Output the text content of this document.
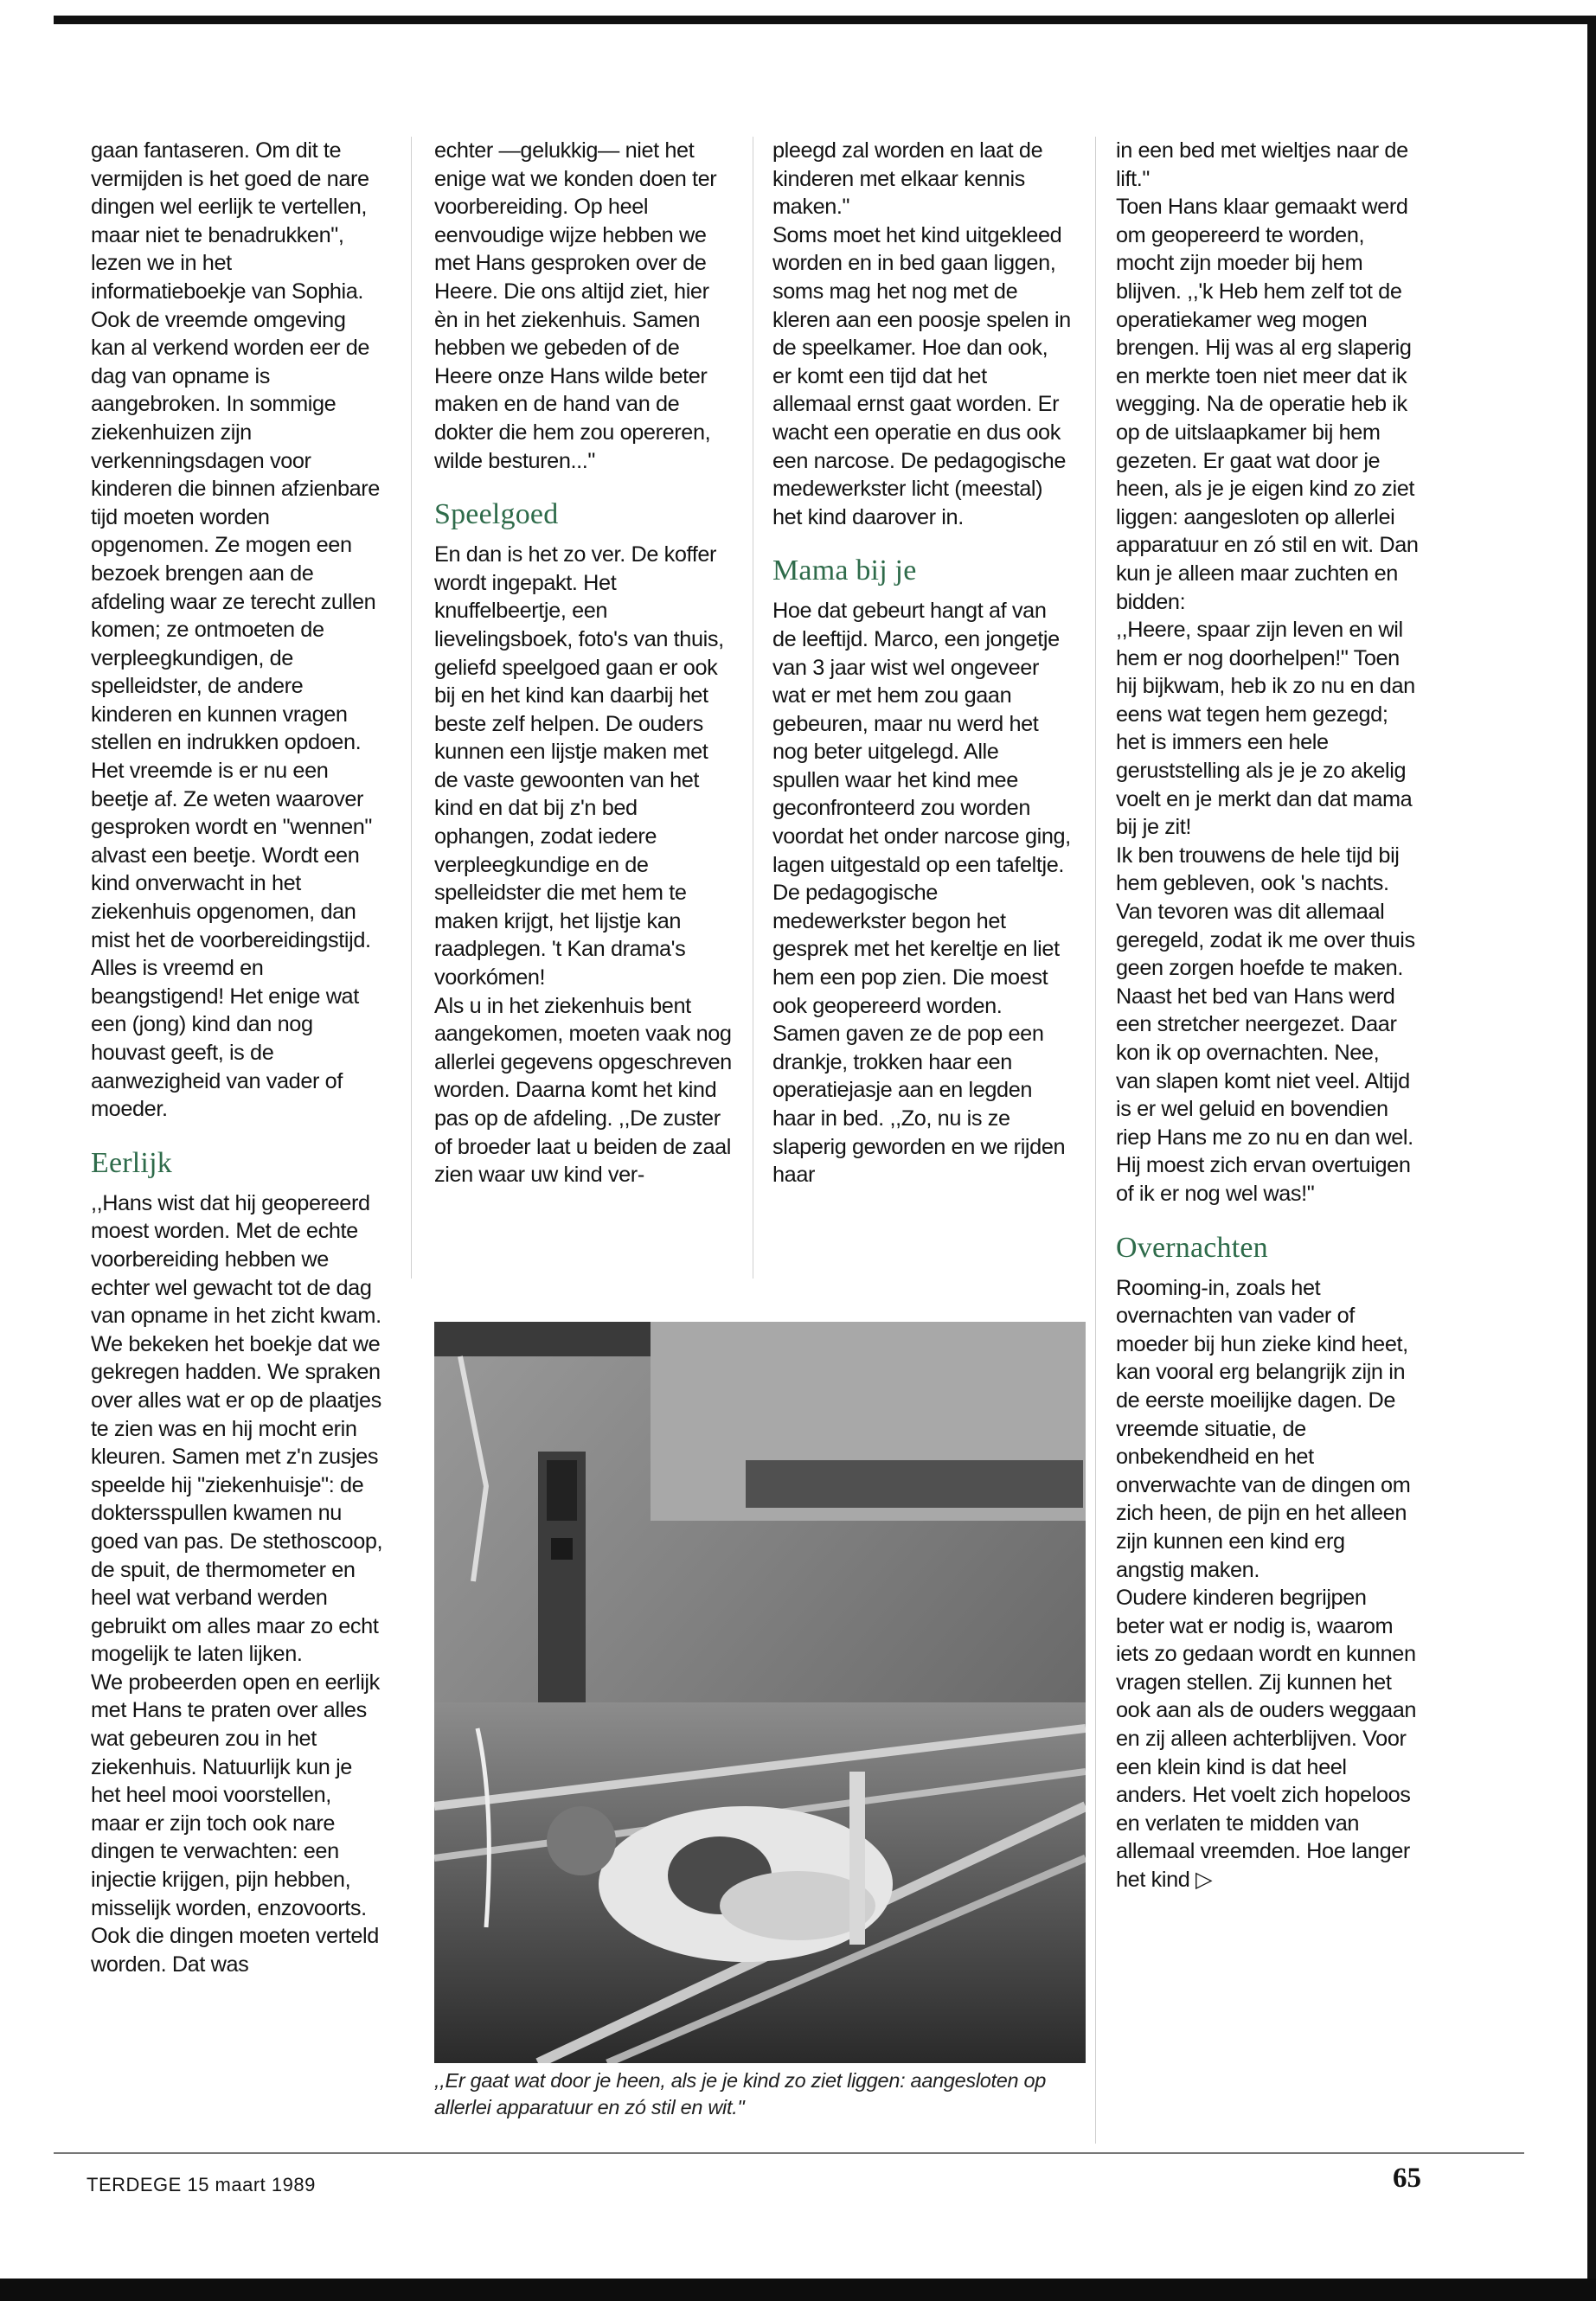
gaan fantaseren. Om dit te vermijden is het goed de nare dingen wel eerlijk te vertellen, maar niet te benadrukken", lezen we in het informatieboekje van Sophia.

Ook de vreemde omgeving kan al verkend worden eer de dag van opname is aangebroken. In sommige ziekenhuizen zijn verkenningsdagen voor kinderen die binnen afzienbare tijd moeten worden opgenomen. Ze mogen een bezoek brengen aan de afdeling waar ze terecht zullen komen; ze ontmoeten de verpleegkundigen, de spelleidster, de andere kinderen en kunnen vragen stellen en indrukken opdoen. Het vreemde is er nu een beetje af. Ze weten waarover gesproken wordt en "wennen" alvast een beetje. Wordt een kind onverwacht in het ziekenhuis opgenomen, dan mist het de voorbereidingstijd. Alles is vreemd en beangstigend! Het enige wat een (jong) kind dan nog houvast geeft, is de aanwezigheid van vader of moeder.

Eerlijk

,,Hans wist dat hij geopereerd moest worden. Met de echte voorbereiding hebben we echter wel gewacht tot de dag van opname in het zicht kwam. We bekeken het boekje dat we gekregen hadden. We spraken over alles wat er op de plaatjes te zien was en hij mocht erin kleuren. Samen met z'n zusjes speelde hij "ziekenhuisje": de doktersspullen kwamen nu goed van pas. De stethoscoop, de spuit, de thermometer en heel wat verband werden gebruikt om alles maar zo echt mogelijk te laten lijken.

We probeerden open en eerlijk met Hans te praten over alles wat gebeuren zou in het ziekenhuis. Natuurlijk kun je het heel mooi voorstellen, maar er zijn toch ook nare dingen te verwachten: een injectie krijgen, pijn hebben, misselijk worden, enzovoorts. Ook die dingen moeten verteld worden. Dat was

echter —gelukkig— niet het enige wat we konden doen ter voorbereiding. Op heel eenvoudige wijze hebben we met Hans gesproken over de Heere. Die ons altijd ziet, hier èn in het ziekenhuis. Samen hebben we gebeden of de Heere onze Hans wilde beter maken en de hand van de dokter die hem zou opereren, wilde besturen..."

Speelgoed

En dan is het zo ver. De koffer wordt ingepakt. Het knuffelbeertje, een lievelingsboek, foto's van thuis, geliefd speelgoed gaan er ook bij en het kind kan daarbij het beste zelf helpen. De ouders kunnen een lijstje maken met de vaste gewoonten van het kind en dat bij z'n bed ophangen, zodat iedere verpleegkundige en de spelleidster die met hem te maken krijgt, het lijstje kan raadplegen. 't Kan drama's voorkómen!

Als u in het ziekenhuis bent aangekomen, moeten vaak nog allerlei gegevens opgeschreven worden. Daarna komt het kind pas op de afdeling. ,,De zuster of broeder laat u beiden de zaal zien waar uw kind ver-

pleegd zal worden en laat de kinderen met elkaar kennis maken."

Soms moet het kind uitgekleed worden en in bed gaan liggen, soms mag het nog met de kleren aan een poosje spelen in de speelkamer. Hoe dan ook, er komt een tijd dat het allemaal ernst gaat worden. Er wacht een operatie en dus ook een narcose. De pedagogische medewerkster licht (meestal) het kind daarover in.

Mama bij je

Hoe dat gebeurt hangt af van de leeftijd. Marco, een jongetje van 3 jaar wist wel ongeveer wat er met hem zou gaan gebeuren, maar nu werd het nog beter uitgelegd. Alle spullen waar het kind mee geconfronteerd zou worden voordat het onder narcose ging, lagen uitgestald op een tafeltje. De pedagogische medewerkster begon het gesprek met het kereltje en liet hem een pop zien. Die moest ook geopereerd worden. Samen gaven ze de pop een drankje, trokken haar een operatiejasje aan en legden haar in bed. ,,Zo, nu is ze slaperig geworden en we rijden haar

in een bed met wieltjes naar de lift."

Toen Hans klaar gemaakt werd om geopereerd te worden, mocht zijn moeder bij hem blijven. ,,'k Heb hem zelf tot de operatiekamer weg mogen brengen. Hij was al erg slaperig en merkte toen niet meer dat ik wegging. Na de operatie heb ik op de uitslaapkamer bij hem gezeten. Er gaat wat door je heen, als je je eigen kind zo ziet liggen: aangesloten op allerlei apparatuur en zó stil en wit. Dan kun je alleen maar zuchten en bidden:

,,Heere, spaar zijn leven en wil hem er nog doorhelpen!" Toen hij bijkwam, heb ik zo nu en dan eens wat tegen hem gezegd; het is immers een hele geruststelling als je je zo akelig voelt en je merkt dan dat mama bij je zit!

Ik ben trouwens de hele tijd bij hem gebleven, ook 's nachts. Van tevoren was dit allemaal geregeld, zodat ik me over thuis geen zorgen hoefde te maken. Naast het bed van Hans werd een stretcher neergezet. Daar kon ik op overnachten. Nee, van slapen komt niet veel. Altijd is er wel geluid en bovendien riep Hans me zo nu en dan wel. Hij moest zich ervan overtuigen of ik er nog wel was!"

Overnachten

Rooming-in, zoals het overnachten van vader of moeder bij hun zieke kind heet, kan vooral erg belangrijk zijn in de eerste moeilijke dagen. De vreemde situatie, de onbekendheid en het onverwachte van de dingen om zich heen, de pijn en het alleen zijn kunnen een kind erg angstig maken.

Oudere kinderen begrijpen beter wat er nodig is, waarom iets zo gedaan wordt en kunnen vragen stellen. Zij kunnen het ook aan als de ouders weggaan en zij alleen achterblijven. Voor een klein kind is dat heel anders. Het voelt zich hopeloos en verlaten te midden van allemaal vreemden. Hoe langer het kind ▷

,,Er gaat wat door je heen, als je je kind zo ziet liggen: aangesloten op allerlei apparatuur en zó stil en wit."
TERDEGE 15 maart 1989	65
